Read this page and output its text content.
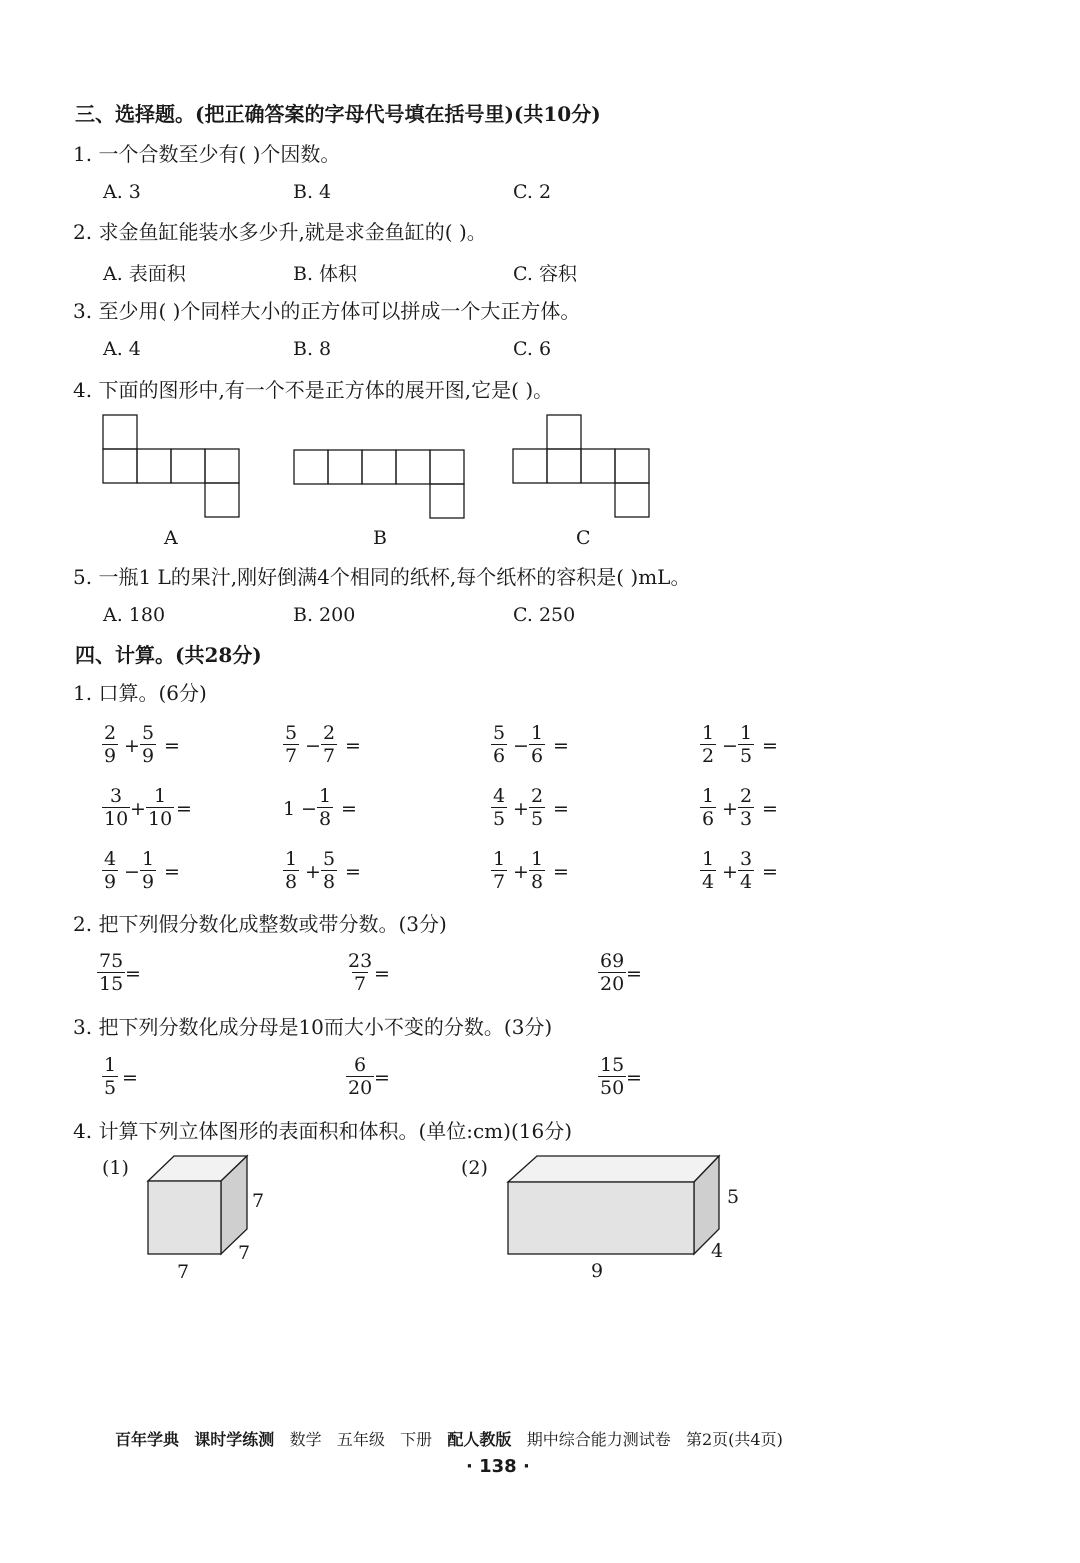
三、选择题。(把正确答案的字母代号填在括号里)(共10分)
1. 一个合数至少有( )个因数。
A. 3	B. 4	C. 2
2. 求金鱼缸能装水多少升,就是求金鱼缸的( )。
A. 表面积	B. 体积	C. 容积
3. 至少用( )个同样大小的正方体可以拼成一个大正方体。
A. 4	B. 8	C. 6
4. 下面的图形中,有一个不是正方体的展开图,它是( )。
A	B	C
5. 一瓶1 L的果汁,刚好倒满4个相同的纸杯,每个纸杯的容积是( )mL。
A. 180	B. 200	C. 250
四、计算。(共28分)
1. 口算。(6分)
$\frac{2}{9} + \frac{5}{9}$ =	$\frac{5}{7} - \frac{2}{7}$ =	$\frac{5}{6} - \frac{1}{6}$ =	$\frac{1}{2} - \frac{1}{5}$ =
$\frac{3}{10} + \frac{1}{10}$ =	$1 - \frac{1}{8}$ =	$\frac{4}{5} + \frac{2}{5}$ =	$\frac{1}{6} + \frac{2}{3}$ =
$\frac{4}{9} - \frac{1}{9}$ =	$\frac{1}{8} + \frac{5}{8}$ =	$\frac{1}{7} + \frac{1}{8}$ =	$\frac{1}{4} + \frac{3}{4}$ =
2. 把下列假分数化成整数或带分数。(3分)
$\frac{75}{15}$ =	$\frac{23}{7}$ =	$\frac{69}{20}$ =
3. 把下列分数化成分母是10而大小不变的分数。(3分)
$\frac{1}{5}$ =	$\frac{6}{20}$ =	$\frac{15}{50}$ =
4. 计算下列立体图形的表面积和体积。(单位:cm)(16分)
(1)
7
7
7
(2)
5
4
9
百年学典 课时学练测 数学 五年级 下册 配人教版 期中综合能力测试卷 第2页(共4页)
· 138 ·
